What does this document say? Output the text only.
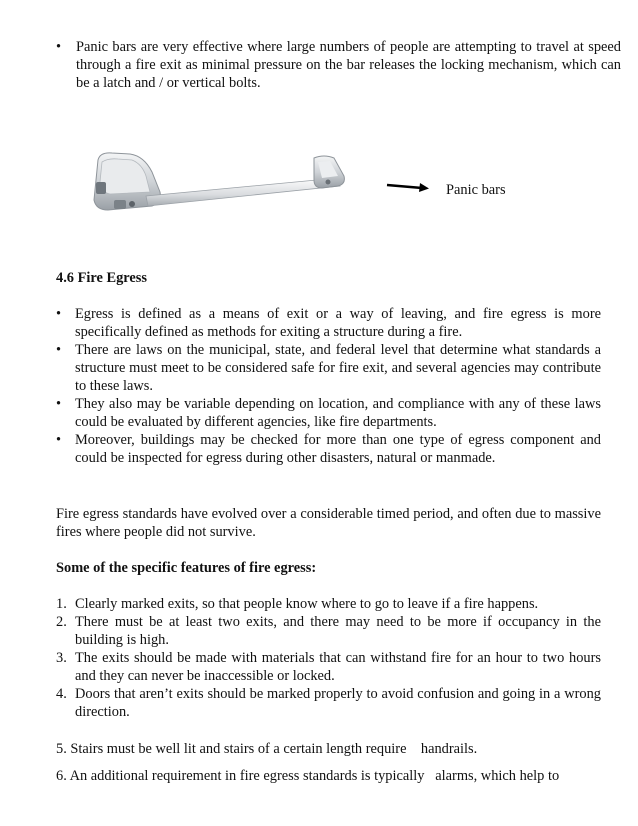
• Panic bars are very effective where large numbers of people are attempting to travel at speed through a fire exit as minimal pressure on the bar releases the locking mechanism, which can be a latch and / or vertical bolts.

Panic bars

4.6 Fire Egress

• Egress is defined as a means of exit or a way of leaving, and fire egress is more specifically defined as methods for exiting a structure during a fire.

• There are laws on the municipal, state, and federal level that determine what standards a structure must meet to be considered safe for fire exit, and several agencies may contribute to these laws.

• They also may be variable depending on location, and compliance with any of these laws could be evaluated by different agencies, like fire departments.

• Moreover, buildings may be checked for more than one type of egress component and could be inspected for egress during other disasters, natural or manmade.

Fire egress standards have evolved over a considerable timed period, and often due to massive fires where people did not survive.

Some of the specific features of fire egress:

1. Clearly marked exits, so that people know where to go to leave if a fire happens.

2. There must be at least two exits, and there may need to be more if occupancy in the building is high.

3. The exits should be made with materials that can withstand fire for an hour to two hours and they can never be inaccessible or locked.

4. Doors that aren’t exits should be marked properly to avoid confusion and going in a wrong direction.

5. Stairs must be well lit and stairs of a certain length require    handrails.

6. An additional requirement in fire egress standards is typically   alarms, which help to
